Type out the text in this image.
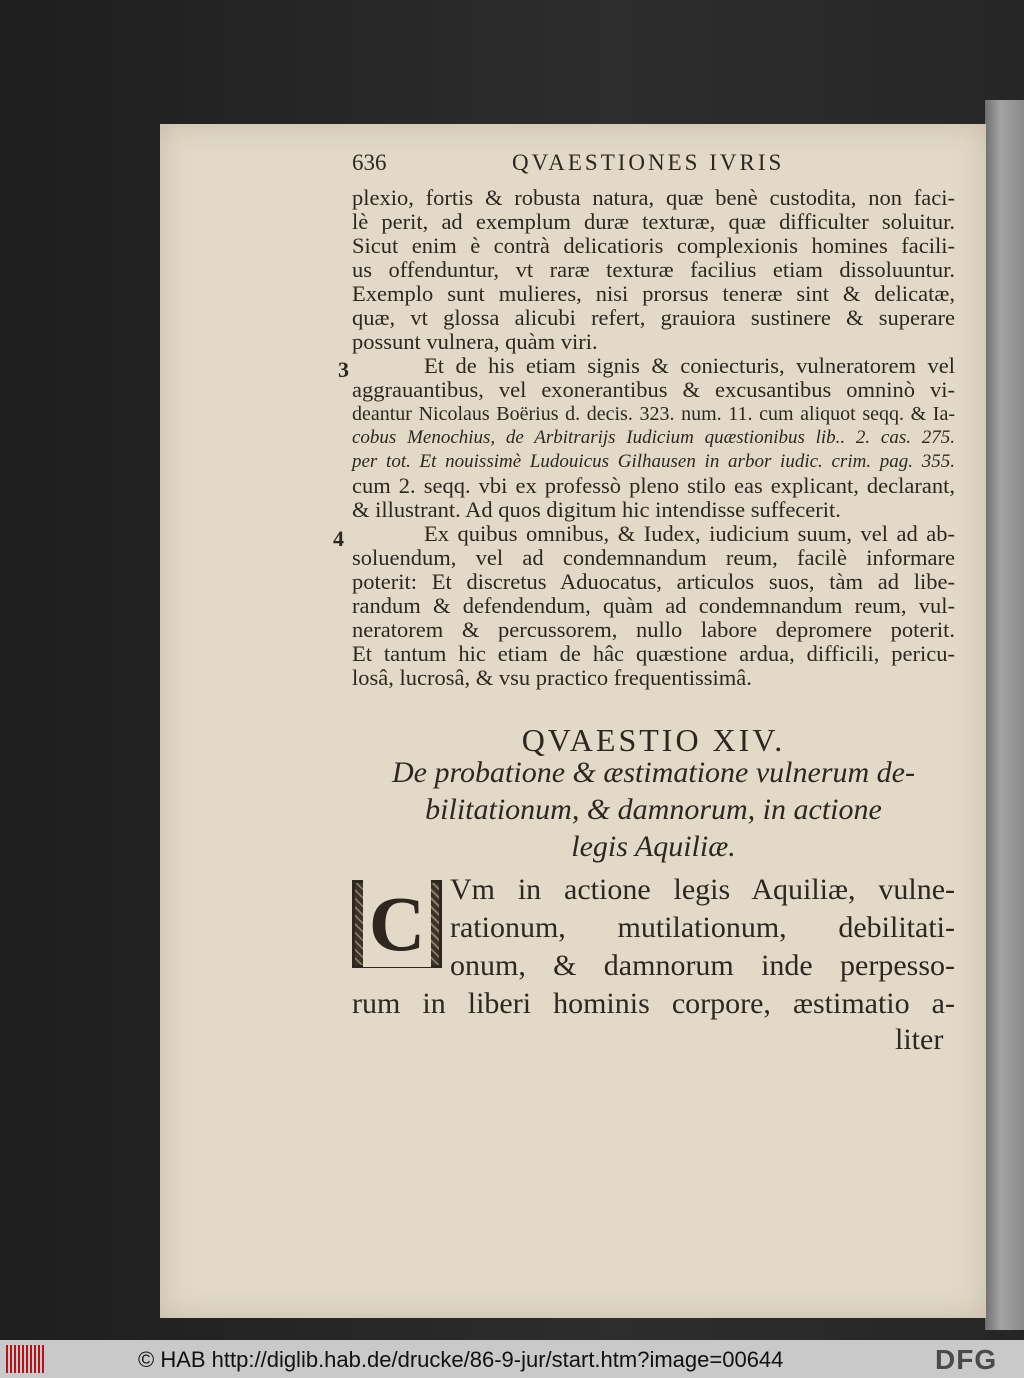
636	QVAESTIONES IVRIS
plexio, fortis & robusta natura, quæ benè custodita, non faci-
lè perit, ad exemplum duræ texturæ, quæ difficulter soluitur.
Sicut enim è contrà delicatioris complexionis homines facili-
us offenduntur, vt raræ texturæ facilius etiam dissoluuntur.
Exemplo sunt mulieres, nisi prorsus teneræ sint & delicatæ,
quæ, vt glossa alicubi refert, grauiora sustinere & superare
possunt vulnera, quàm viri.
3	Et de his etiam signis & coniecturis, vulneratorem vel
aggrauantibus, vel exonerantibus & excusantibus omninò vi-
deantur Nicolaus Boërius d. decis. 323. num. 11. cum aliquot seqq. & Ia-
cobus Menochius, de Arbitrarijs Iudicium quæstionibus lib.. 2. cas. 275.
per tot. Et nouissimè Ludouicus Gilhausen in arbor iudic. crim. pag. 355.
cum 2. seqq. vbi ex professò pleno stilo eas explicant, declarant,
& illustrant. Ad quos digitum hic intendisse suffecerit.
4	Ex quibus omnibus, & Iudex, iudicium suum, vel ad ab-
soluendum, vel ad condemnandum reum, facilè informare
poterit: Et discretus Aduocatus, articulos suos, tàm ad libe-
randum & defendendum, quàm ad condemnandum reum, vul-
neratorem & percussorem, nullo labore depromere poterit.
Et tantum hic etiam de hâc quæstione ardua, difficili, pericu-
losâ, lucrosâ, & vsu practico frequentissimâ.
QVAESTIO XIV.
De probatione & æstimatione vulnerum de-
bilitationum, & damnorum, in actione
legis Aquiliæ.
C Vm in actione legis Aquiliæ, vulne-
rationum, mutilationum, debilitati-
onum, & damnorum inde perpesso-
rum in liberi hominis corpore, æstimatio a-
liter
© HAB http://diglib.hab.de/drucke/86-9-jur/start.htm?image=00644	DFG
